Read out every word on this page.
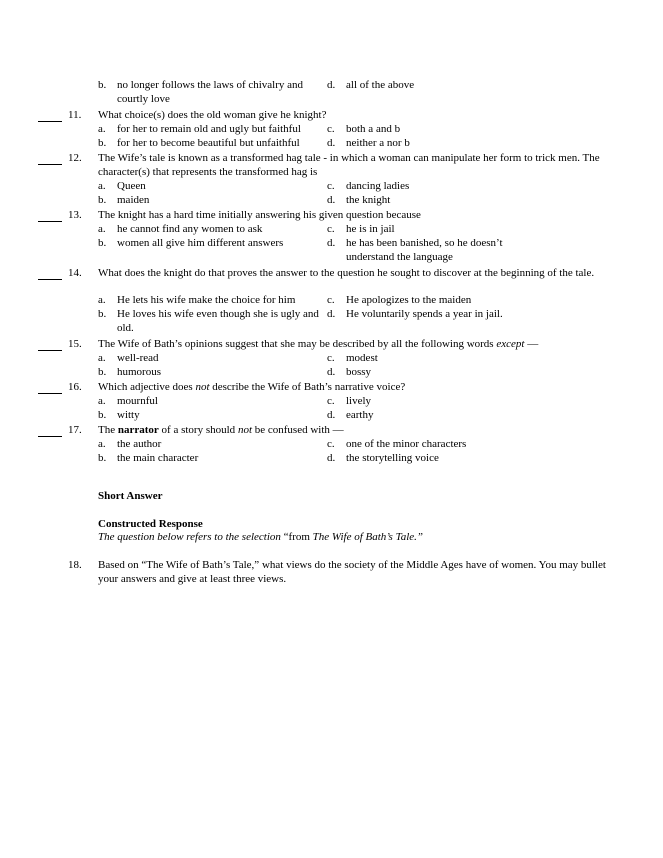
b. no longer follows the laws of chivalry and courtly love
d. all of the above
11.	What choice(s) does the old woman give he knight?
a.	for her to remain old and ugly but faithful	c.	both a and b
b. for her to become beautiful but unfaithful	d. neither a nor b
12.	The Wife’s tale is known as a transformed hag tale - in which a woman can manipulate her form to trick men. The character(s) that represents the transformed hag is
a.	Queen	c.	dancing ladies
b. maiden	d. the knight
13.	The knight has a hard time initially answering his given question because
a.	he cannot find any women to ask	c.	he is in jail
b. women all give him different answers	d. he has been banished, so he doesn’t understand the language
14.	What does the knight do that proves the answer to the question he sought to discover at the beginning of the tale.
a.	He lets his wife make the choice for him	c.	He apologizes to the maiden
b. He loves his wife even though she is ugly and old.
d. He voluntarily spends a year in jail.
15.	The Wife of Bath’s opinions suggest that she may be described by all the following words except —
a.	well-read	c.	modest
b. humorous	d. bossy
16.	Which adjective does not describe the Wife of Bath’s narrative voice?
a.	mournful	c.	lively
b. witty	d. earthy
17.	The narrator of a story should not be confused with —
a.	the author	c.	one of the minor characters
b. the main character	d. the storytelling voice
Short Answer
Constructed Response
The question below refers to the selection “from The Wife of Bath’s Tale.”
18.	Based on “The Wife of Bath’s Tale,” what views do the society of the Middle Ages have of women. You may bullet your answers and give at least three views.
